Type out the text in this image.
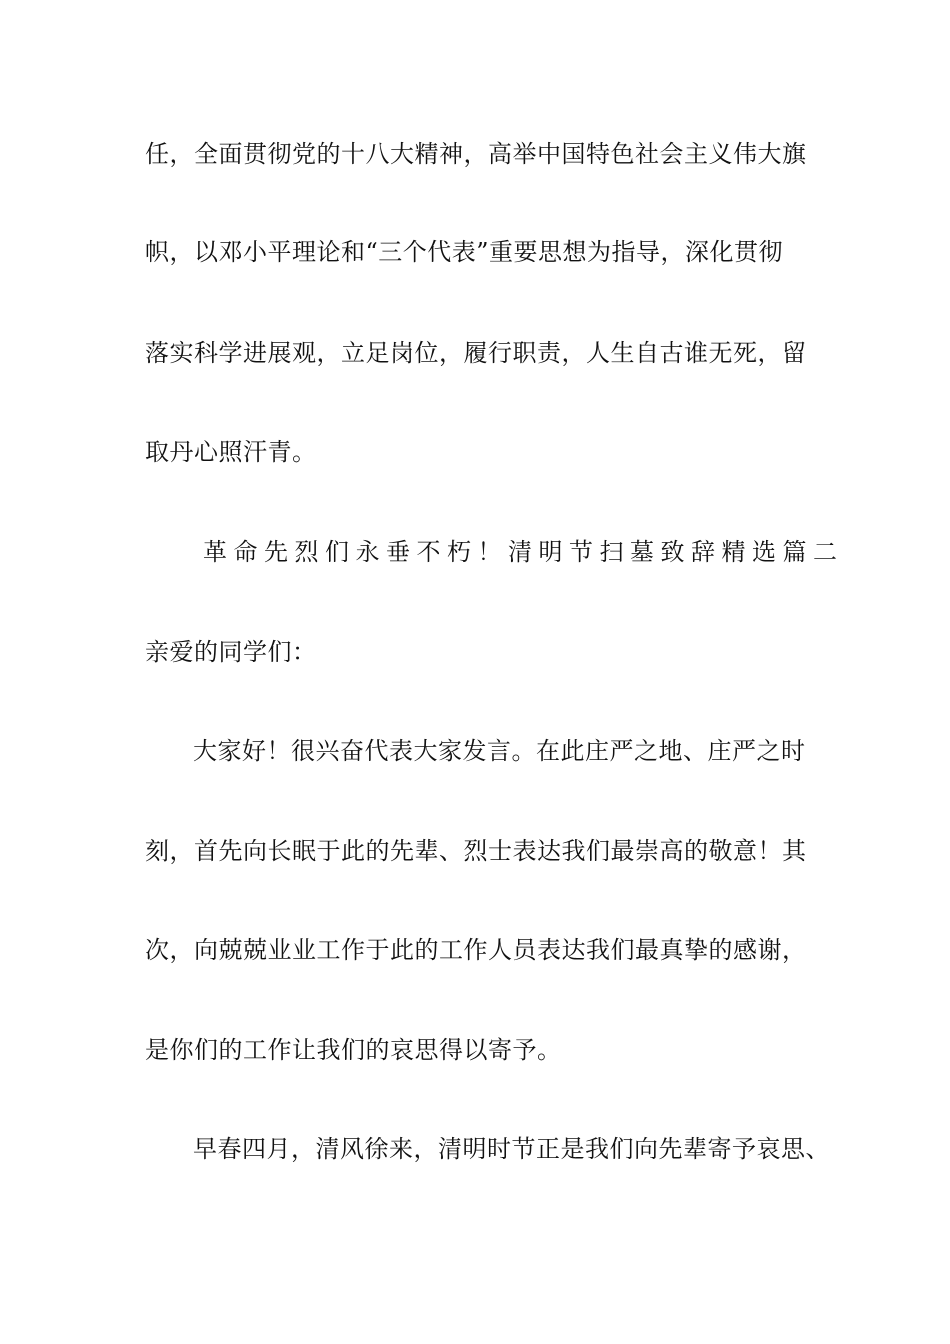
任，全面贯彻党的十八大精神，高举中国特色社会主义伟大旗
帜，以邓小平理论和“三个代表”重要思想为指导，深化贯彻
落实科学进展观，立足岗位，履行职责，人生自古谁无死，留
取丹心照汗青。
革命先烈们永垂不朽！清明节扫墓致辞精选篇二
亲爱的同学们：
大家好！很兴奋代表大家发言。在此庄严之地、庄严之时
刻，首先向长眠于此的先辈、烈士表达我们最崇高的敬意！其
次，向兢兢业业工作于此的工作人员表达我们最真挚的感谢，
是你们的工作让我们的哀思得以寄予。
早春四月，清风徐来，清明时节正是我们向先辈寄予哀思、
